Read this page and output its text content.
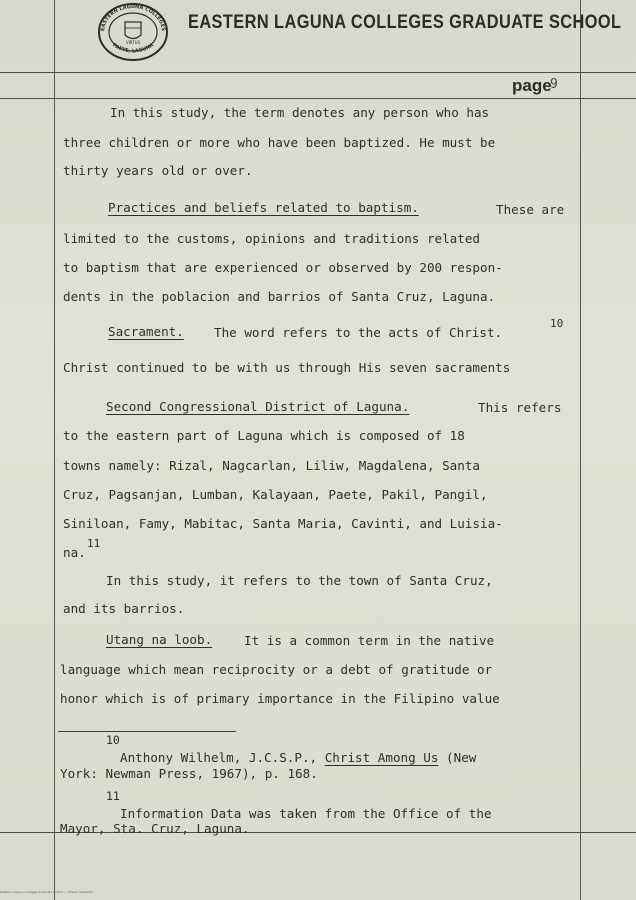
VIRTUS
EASTERN LAGUNA COLLEGES
PAETE, LAGUNA
EASTERN LAGUNA COLLEGES GRADUATE SCHOOL
page
9
In this study, the term denotes any person who has
three children or more who have been baptized. He must be
thirty years old or over.
Practices and beliefs related to baptism.	These are
limited to the customs, opinions and traditions related
to baptism that are experienced or observed by 200 respon-
dents in the poblacion and barrios of Santa Cruz, Laguna.
Sacrament. The word refers to the acts of Christ.
10
Christ continued to be with us through His seven sacraments
Second Congressional District of Laguna.	This refers
to the eastern part of Laguna which is composed of 18
towns namely: Rizal, Nagcarlan, Liliw, Magdalena, Santa
Cruz, Pagsanjan, Lumban, Kalayaan, Paete, Pakil, Pangil,
Siniloan, Famy, Mabitac, Santa Maria, Cavinti, and Luisia-
na.
11
In this study, it refers to the town of Santa Cruz,
and its barrios.
Utang na loob.	It is a common term in the native
language which mean reciprocity or a debt of gratitude or
honor which is of primary importance in the Filipino value
10
Anthony Wilhelm, J.C.S.P., Christ Among Us (New
York: Newman Press, 1967), p. 168.
11
Information Data was taken from the Office of the
Mayor, Sta. Cruz, Laguna.
Eastern Laguna Colleges Graduate School — Thesis Collection
